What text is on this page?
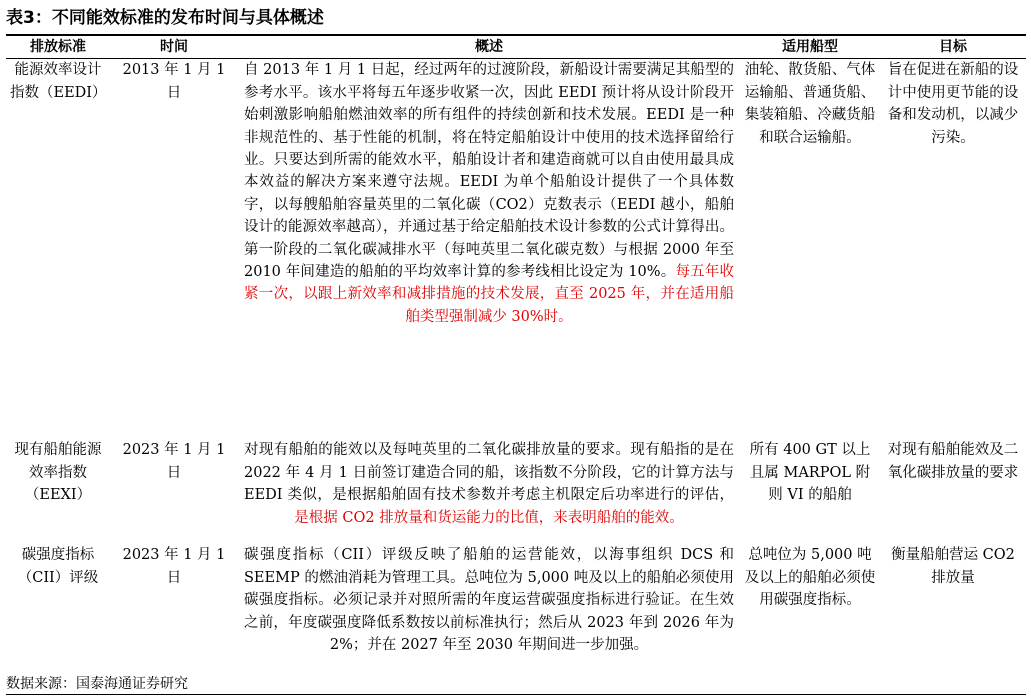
表3：不同能效标准的发布时间与具体概述
排放标准	时间	概述	适用船型	目标
能源效率设计指数（EEDI）	2013 年 1 月 1 日	自 2013 年 1 月 1 日起，经过两年的过渡阶段，新船设计需要满足其船型的参考水平。该水平将每五年逐步收紧一次，因此 EEDI 预计将从设计阶段开始刺激影响船舶燃油效率的所有组件的持续创新和技术发展。EEDI 是一种非规范性的、基于性能的机制，将在特定船舶设计中使用的技术选择留给行业。只要达到所需的能效水平，船舶设计者和建造商就可以自由使用最具成本效益的解决方案来遵守法规。EEDI 为单个船舶设计提供了一个具体数字，以每艘船舶容量英里的二氧化碳（CO2）克数表示（EEDI 越小，船舶设计的能源效率越高），并通过基于给定船舶技术设计参数的公式计算得出。第一阶段的二氧化碳减排水平（每吨英里二氧化碳克数）与根据 2000 年至 2010 年间建造的船舶的平均效率计算的参考线相比设定为 10%。每五年收紧一次，以跟上新效率和减排措施的技术发展，直至 2025 年，并在适用船舶类型强制减少 30%时。	油轮、散货船、气体运输船、普通货船、集装箱船、冷藏货船和联合运输船。	旨在促进在新船的设计中使用更节能的设备和发动机，以减少污染。
现有船舶能源效率指数（EEXI）	2023 年 1 月 1 日	对现有船舶的能效以及每吨英里的二氧化碳排放量的要求。现有船指的是在 2022 年 4 月 1 日前签订建造合同的船，该指数不分阶段，它的计算方法与 EEDI 类似，是根据船舶固有技术参数并考虑主机限定后功率进行的评估，是根据 CO2 排放量和货运能力的比值，来表明船舶的能效。	所有 400 GT 以上且属 MARPOL 附则 VI 的船舶	对现有船舶能效及二氧化碳排放量的要求
碳强度指标（CII）评级	2023 年 1 月 1 日	碳强度指标（CII）评级反映了船舶的运营能效，以海事组织 DCS 和 SEEMP 的燃油消耗为管理工具。总吨位为 5,000 吨及以上的船舶必须使用碳强度指标。必须记录并对照所需的年度运营碳强度指标进行验证。在生效之前，年度碳强度降低系数按以前标准执行；然后从 2023 年到 2026 年为 2%；并在 2027 年至 2030 年期间进一步加强。	总吨位为 5,000 吨及以上的船舶必须使用碳强度指标。	衡量船舶营运 CO2 排放量
数据来源：国泰海通证券研究
